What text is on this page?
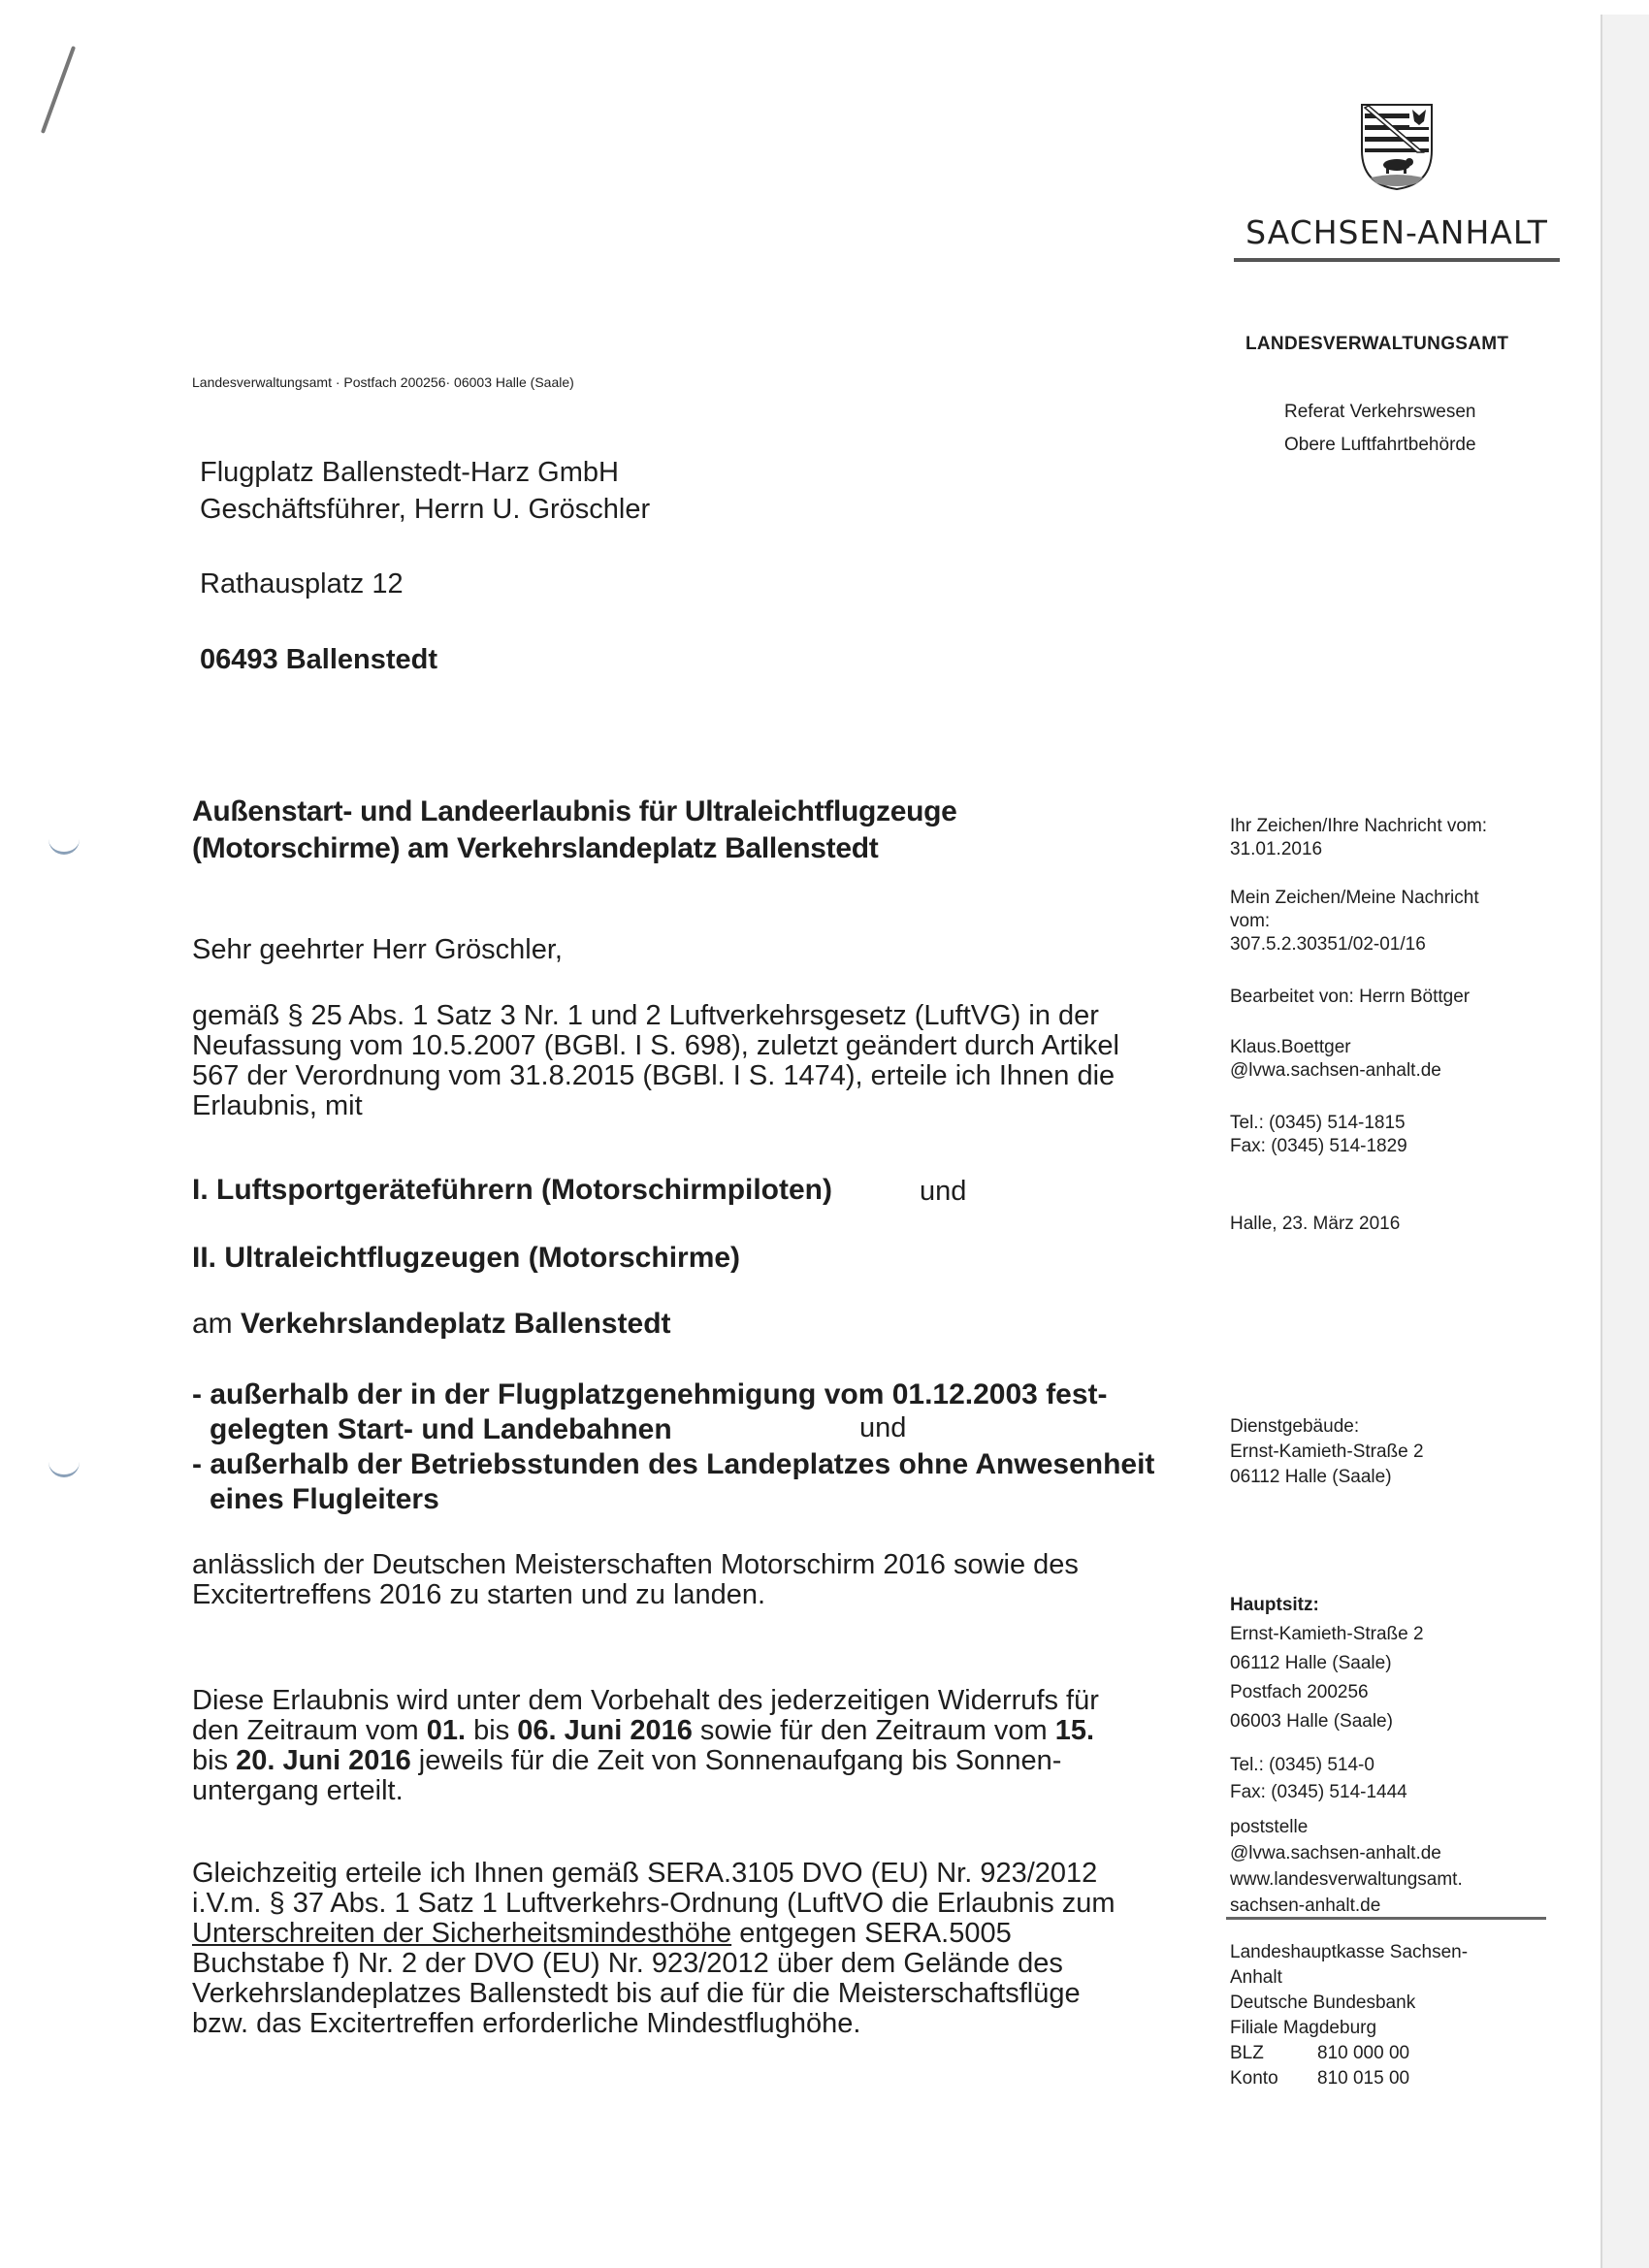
SACHSEN-ANHALT
LANDESVERWALTUNGSAMT
Referat Verkehrswesen
Obere Luftfahrtbehörde
Landesverwaltungsamt · Postfach 200256· 06003 Halle (Saale)
Flugplatz Ballenstedt-Harz GmbH
Geschäftsführer, Herrn U. Gröschler
Rathausplatz 12
06493 Ballenstedt
Außenstart- und Landeerlaubnis für Ultraleichtflugzeuge
(Motorschirme) am Verkehrslandeplatz Ballenstedt
Ihr Zeichen/Ihre Nachricht vom:
31.01.2016
Mein Zeichen/Meine Nachricht
vom:
307.5.2.30351/02-01/16
Bearbeitet von: Herrn Böttger
Klaus.Boettger
@lvwa.sachsen-anhalt.de
Tel.: (0345) 514-1815
Fax: (0345) 514-1829
Halle, 23. März 2016
Dienstgebäude:
Ernst-Kamieth-Straße 2
06112 Halle (Saale)
Hauptsitz:
Ernst-Kamieth-Straße 2
06112 Halle (Saale)
Postfach 200256
06003 Halle (Saale)
Tel.: (0345) 514-0
Fax: (0345) 514-1444
poststelle
@lvwa.sachsen-anhalt.de
www.landesverwaltungsamt.
sachsen-anhalt.de
Landeshauptkasse Sachsen-
Anhalt
Deutsche Bundesbank
Filiale Magdeburg
BLZ	810 000 00
Konto 810 015 00
Sehr geehrter Herr Gröschler,
gemäß § 25 Abs. 1 Satz 3 Nr. 1 und 2 Luftverkehrsgesetz (LuftVG) in der
Neufassung vom 10.5.2007 (BGBl. I S. 698), zuletzt geändert durch Artikel
567 der Verordnung vom 31.8.2015 (BGBl. I S. 1474), erteile ich Ihnen die
Erlaubnis, mit
I. Luftsportgeräteführern (Motorschirmpiloten)	und
II. Ultraleichtflugzeugen (Motorschirme)
am Verkehrslandeplatz Ballenstedt
- außerhalb der in der Flugplatzgenehmigung vom 01.12.2003 fest-
gelegten Start- und Landebahnen	und
- außerhalb der Betriebsstunden des Landeplatzes ohne Anwesenheit
eines Flugleiters
anlässlich der Deutschen Meisterschaften Motorschirm 2016 sowie des
Excitertreffens 2016 zu starten und zu landen.
Diese Erlaubnis wird unter dem Vorbehalt des jederzeitigen Widerrufs für
den Zeitraum vom 01. bis 06. Juni 2016 sowie für den Zeitraum vom 15.
bis 20. Juni 2016 jeweils für die Zeit von Sonnenaufgang bis Sonnen-
untergang erteilt.
Gleichzeitig erteile ich Ihnen gemäß SERA.3105 DVO (EU) Nr. 923/2012
i.V.m. § 37 Abs. 1 Satz 1 Luftverkehrs-Ordnung (LuftVO die Erlaubnis zum
Unterschreiten der Sicherheitsmindesthöhe entgegen SERA.5005
Buchstabe f) Nr. 2 der DVO (EU) Nr. 923/2012 über dem Gelände des
Verkehrslandeplatzes Ballenstedt bis auf die für die Meisterschaftsflüge
bzw. das Excitertreffen erforderliche Mindestflughöhe.
